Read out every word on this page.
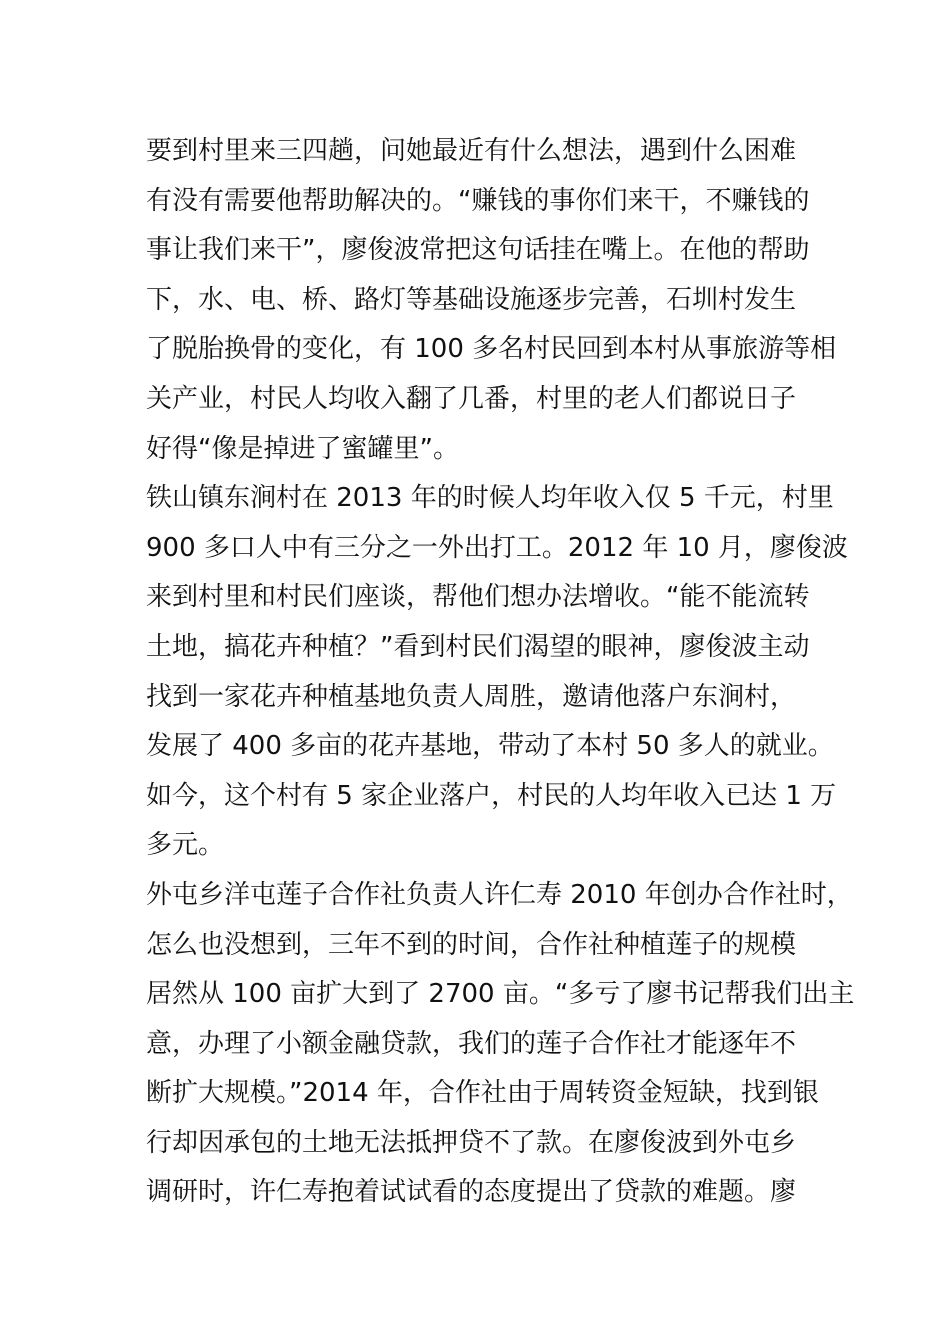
要到村里来三四趟，问她最近有什么想法，遇到什么困难
有没有需要他帮助解决的。“赚钱的事你们来干，不赚钱的
事让我们来干”，廖俊波常把这句话挂在嘴上。在他的帮助
下，水、电、桥、路灯等基础设施逐步完善，石圳村发生
了脱胎换骨的变化，有 100 多名村民回到本村从事旅游等相
关产业，村民人均收入翻了几番，村里的老人们都说日子
好得“像是掉进了蜜罐里”。
铁山镇东涧村在 2013 年的时候人均年收入仅 5 千元，村里
900 多口人中有三分之一外出打工。2012 年 10 月，廖俊波
来到村里和村民们座谈，帮他们想办法增收。“能不能流转
土地，搞花卉种植？”看到村民们渴望的眼神，廖俊波主动
找到一家花卉种植基地负责人周胜，邀请他落户东涧村，
发展了 400 多亩的花卉基地，带动了本村 50 多人的就业。
如今，这个村有 5 家企业落户，村民的人均年收入已达 1 万
多元。
外屯乡洋屯莲子合作社负责人许仁寿 2010 年创办合作社时，
怎么也没想到，三年不到的时间，合作社种植莲子的规模
居然从 100 亩扩大到了 2700 亩。“多亏了廖书记帮我们出主
意，办理了小额金融贷款，我们的莲子合作社才能逐年不
断扩大规模。”2014 年，合作社由于周转资金短缺，找到银
行却因承包的土地无法抵押贷不了款。在廖俊波到外屯乡
调研时，许仁寿抱着试试看的态度提出了贷款的难题。廖
